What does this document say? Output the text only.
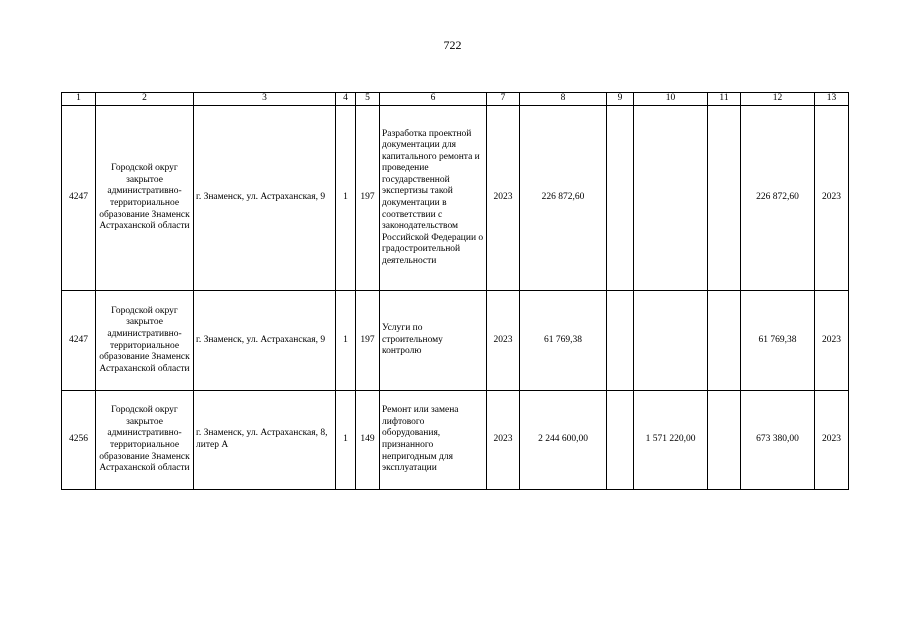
722
1	2	3	4	5	6	7	8	9	10	11	12	13
4247	Городской округ закрытое административно-территориальное образование Знаменск Астраханской области	г. Знаменск, ул. Астраханская, 9	1	197	Разработка проектной документации для капитального ремонта и проведение государственной экспертизы такой документации в соответствии с законодательством Российской Федерации о градостроительной деятельности	2023	226 872,60				226 872,60	2023
4247	Городской округ закрытое административно-территориальное образование Знаменск Астраханской области	г. Знаменск, ул. Астраханская, 9	1	197	Услуги по строительному контролю	2023	61 769,38				61 769,38	2023
4256	Городской округ закрытое административно-территориальное образование Знаменск Астраханской области	г. Знаменск, ул. Астраханская, 8, литер А	1	149	Ремонт или замена лифтового оборудования, признанного непригодным для эксплуатации	2023	2 244 600,00		1 571 220,00		673 380,00	2023
